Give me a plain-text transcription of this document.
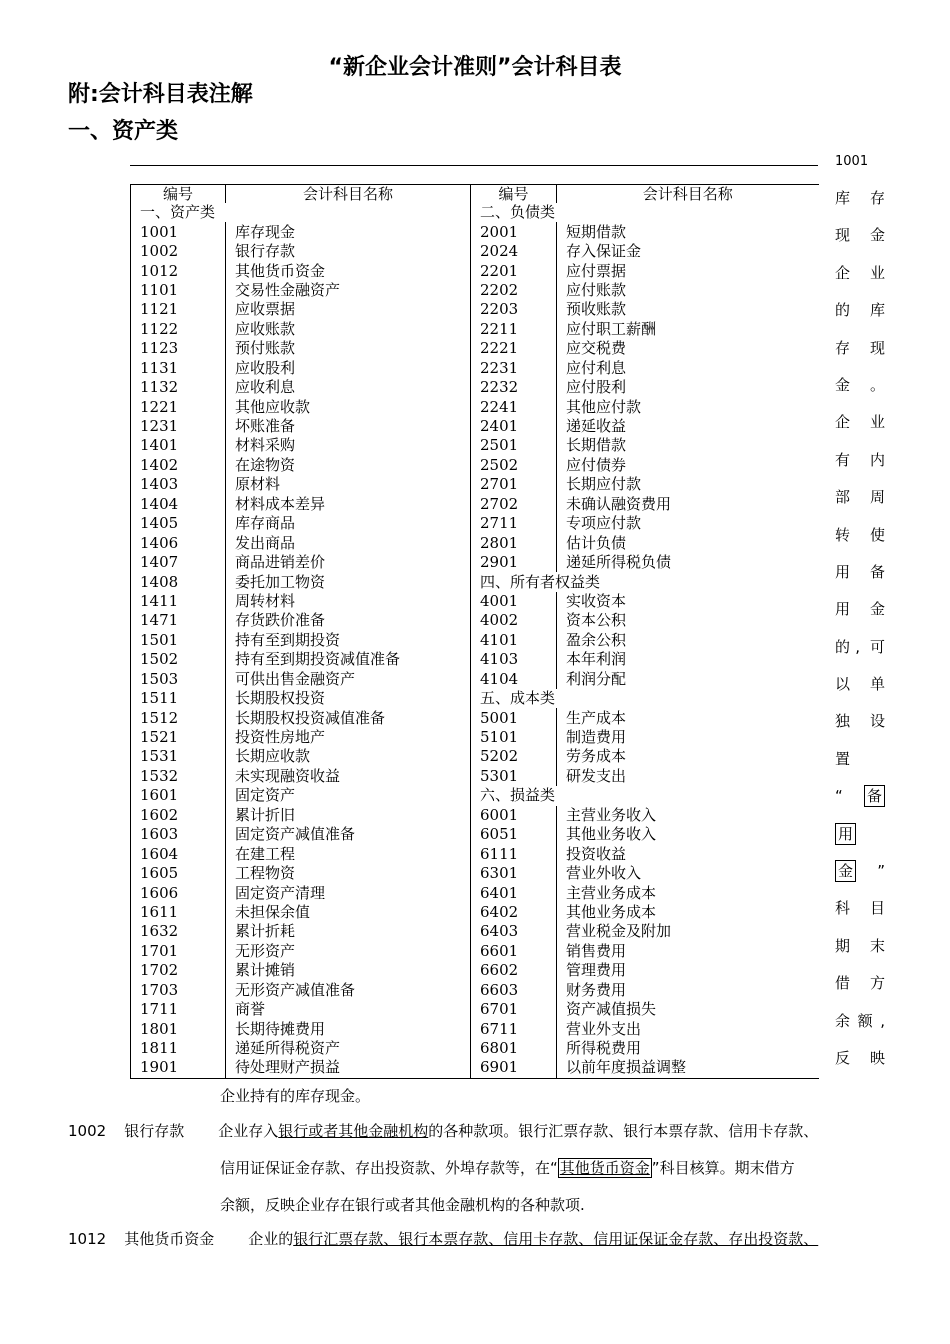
“新企业会计准则”会计科目表
附:会计科目表注解
一、资产类
1001
编号	会计科目名称	编号	会计科目名称
一、资产类		二、负债类	
1001	库存现金	2001	短期借款
1002	银行存款	2024	存入保证金
1012	其他货币资金	2201	应付票据
1101	交易性金融资产	2202	应付账款
1121	应收票据	2203	预收账款
1122	应收账款	2211	应付职工薪酬
1123	预付账款	2221	应交税费
1131	应收股利	2231	应付利息
1132	应收利息	2232	应付股利
1221	其他应收款	2241	其他应付款
1231	坏账准备	2401	递延收益
1401	材料采购	2501	长期借款
1402	在途物资	2502	应付债券
1403	原材料	2701	长期应付款
1404	材料成本差异	2702	未确认融资费用
1405	库存商品	2711	专项应付款
1406	发出商品	2801	估计负债
1407	商品进销差价	2901	递延所得税负债
1408	委托加工物资	四、所有者权益类	
1411	周转材料	4001	实收资本
1471	存货跌价准备	4002	资本公积
1501	持有至到期投资	4101	盈余公积
1502	持有至到期投资减值准备	4103	本年利润
1503	可供出售金融资产	4104	利润分配
1511	长期股权投资	五、成本类	
1512	长期股权投资减值准备	5001	生产成本
1521	投资性房地产	5101	制造费用
1531	长期应收款	5202	劳务成本
1532	未实现融资收益	5301	研发支出
1601	固定资产	六、损益类	
1602	累计折旧	6001	主营业务收入
1603	固定资产减值准备	6051	其他业务收入
1604	在建工程	6111	投资收益
1605	工程物资	6301	营业外收入
1606	固定资产清理	6401	主营业务成本
1611	未担保余值	6402	其他业务成本
1632	累计折耗	6403	营业税金及附加
1701	无形资产	6601	销售费用
1702	累计摊销	6602	管理费用
1703	无形资产减值准备	6603	财务费用
1711	商誉	6701	资产减值损失
1801	长期待摊费用	6711	营业外支出
1811	递延所得税资产	6801	所得税费用
1901	待处理财产损益	6901	以前年度损益调整
库 存
现 金
企 业
的 库
存 现
金 。
企 业
有 内
部 周
转 使
用 备
用 金
的, 可
以 单
独 设
置
“ 备
用
金 ”
科 目
期 末
借 方
余额,
反 映
企业持有的库存现金。
1002 银行存款 企业存入银行或者其他金融机构的各种款项。银行汇票存款、银行本票存款、信用卡存款、
信用证保证金存款、存出投资款、外埠存款等，在“ 其他货币资金 ”科目核算。期末借方
余额，反映企业存在银行或者其他金融机构的各种款项.
1012 其他货币资金 企业的银行汇票存款、银行本票存款、信用卡存款、信用证保证金存款、存出投资款、
